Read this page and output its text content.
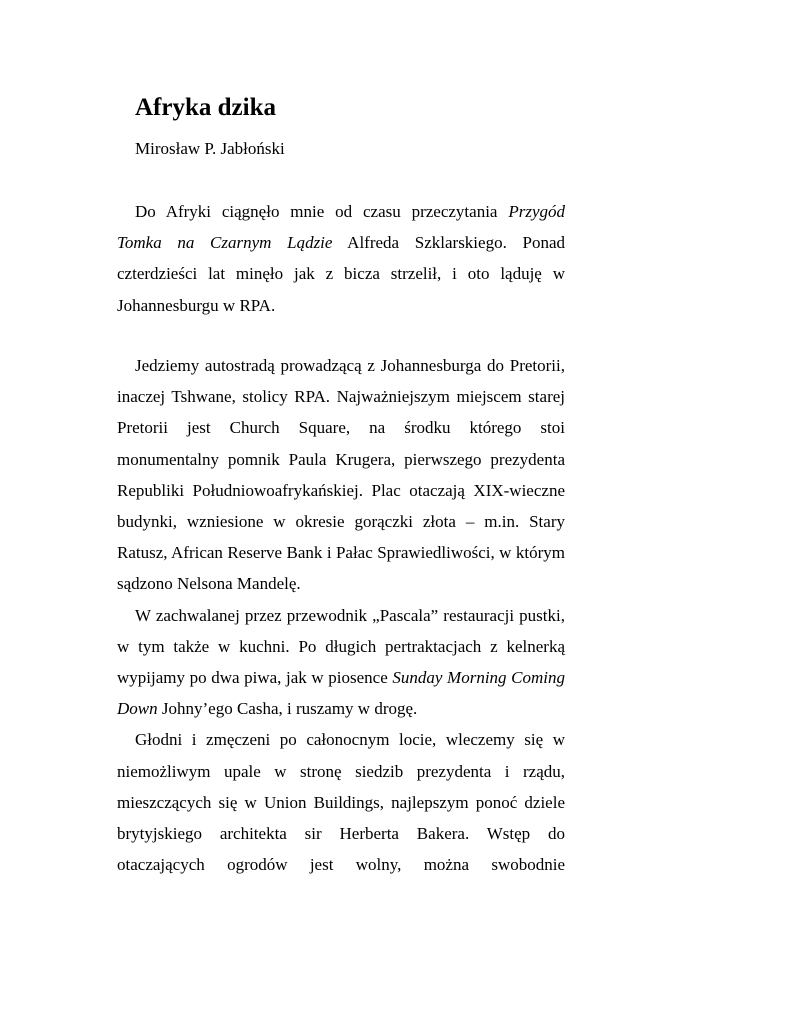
Afryka dzika

Mirosław P. Jabłoński

Do Afryki ciągnęło mnie od czasu przeczytania Przygód Tomka na Czarnym Lądzie Alfreda Szklarskiego. Ponad czterdzieści lat minęło jak z bicza strzelił, i oto ląduję w Johannesburgu w RPA.

Jedziemy autostradą prowadzącą z Johannesburga do Pretorii, inaczej Tshwane, stolicy RPA. Najważniejszym miejscem starej Pretorii jest Church Square, na środku którego stoi monumentalny pomnik Paula Krugera, pierwszego prezydenta Republiki Południowoafrykańskiej. Plac otaczają XIX-wieczne budynki, wzniesione w okresie gorączki złota – m.in. Stary Ratusz, African Reserve Bank i Pałac Sprawiedliwości, w którym sądzono Nelsona Mandelę.
W zachwalanej przez przewodnik „Pascala” restauracji pustki, w tym także w kuchni. Po długich pertraktacjach z kelnerką wypijamy po dwa piwa, jak w piosence Sunday Morning Coming Down Johny’ego Casha, i ruszamy w drogę.
Głodni i zmęczeni po całonocnym locie, wleczemy się w niemożliwym upale w stronę siedzib prezydenta i rządu, mieszczących się w Union Buildings, najlepszym ponoć dziele brytyjskiego architekta sir Herberta Bakera. Wstęp do otaczających ogrodów jest wolny, można swobodnie
